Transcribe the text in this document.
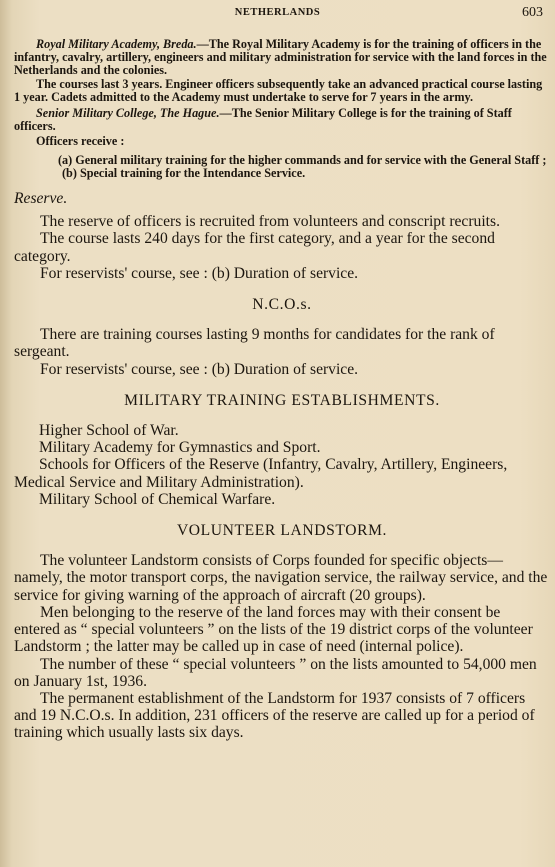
NETHERLANDS	603

Royal Military Academy, Breda.—The Royal Military Academy is for the training of officers in the infantry, cavalry, artillery, engineers and military administration for service with the land forces in the Netherlands and the colonies.

The courses last 3 years. Engineer officers subsequently take an advanced practical course lasting 1 year. Cadets admitted to the Academy must undertake to serve for 7 years in the army.

Senior Military College, The Hague.—The Senior Military College is for the training of Staff officers.

Officers receive :

(a) General military training for the higher commands and for service with the General Staff ;

(b) Special training for the Intendance Service.

Reserve.

The reserve of officers is recruited from volunteers and conscript recruits.

The course lasts 240 days for the first category, and a year for the second category.

For reservists' course, see : (b) Duration of service.

N.C.O.s.

There are training courses lasting 9 months for candidates for the rank of sergeant.

For reservists' course, see : (b) Duration of service.

MILITARY TRAINING ESTABLISHMENTS.

Higher School of War.

Military Academy for Gymnastics and Sport.

Schools for Officers of the Reserve (Infantry, Cavalry, Artillery, Engineers, Medical Service and Military Administration).

Military School of Chemical Warfare.

VOLUNTEER LANDSTORM.

The volunteer Landstorm consists of Corps founded for specific objects—namely, the motor transport corps, the navigation service, the railway service, and the service for giving warning of the approach of aircraft (20 groups).

Men belonging to the reserve of the land forces may with their consent be entered as “ special volunteers ” on the lists of the 19 district corps of the volunteer Landstorm ; the latter may be called up in case of need (internal police).

The number of these “ special volunteers ” on the lists amounted to 54,000 men on January 1st, 1936.

The permanent establishment of the Landstorm for 1937 consists of 7 officers and 19 N.C.O.s. In addition, 231 officers of the reserve are called up for a period of training which usually lasts six days.
